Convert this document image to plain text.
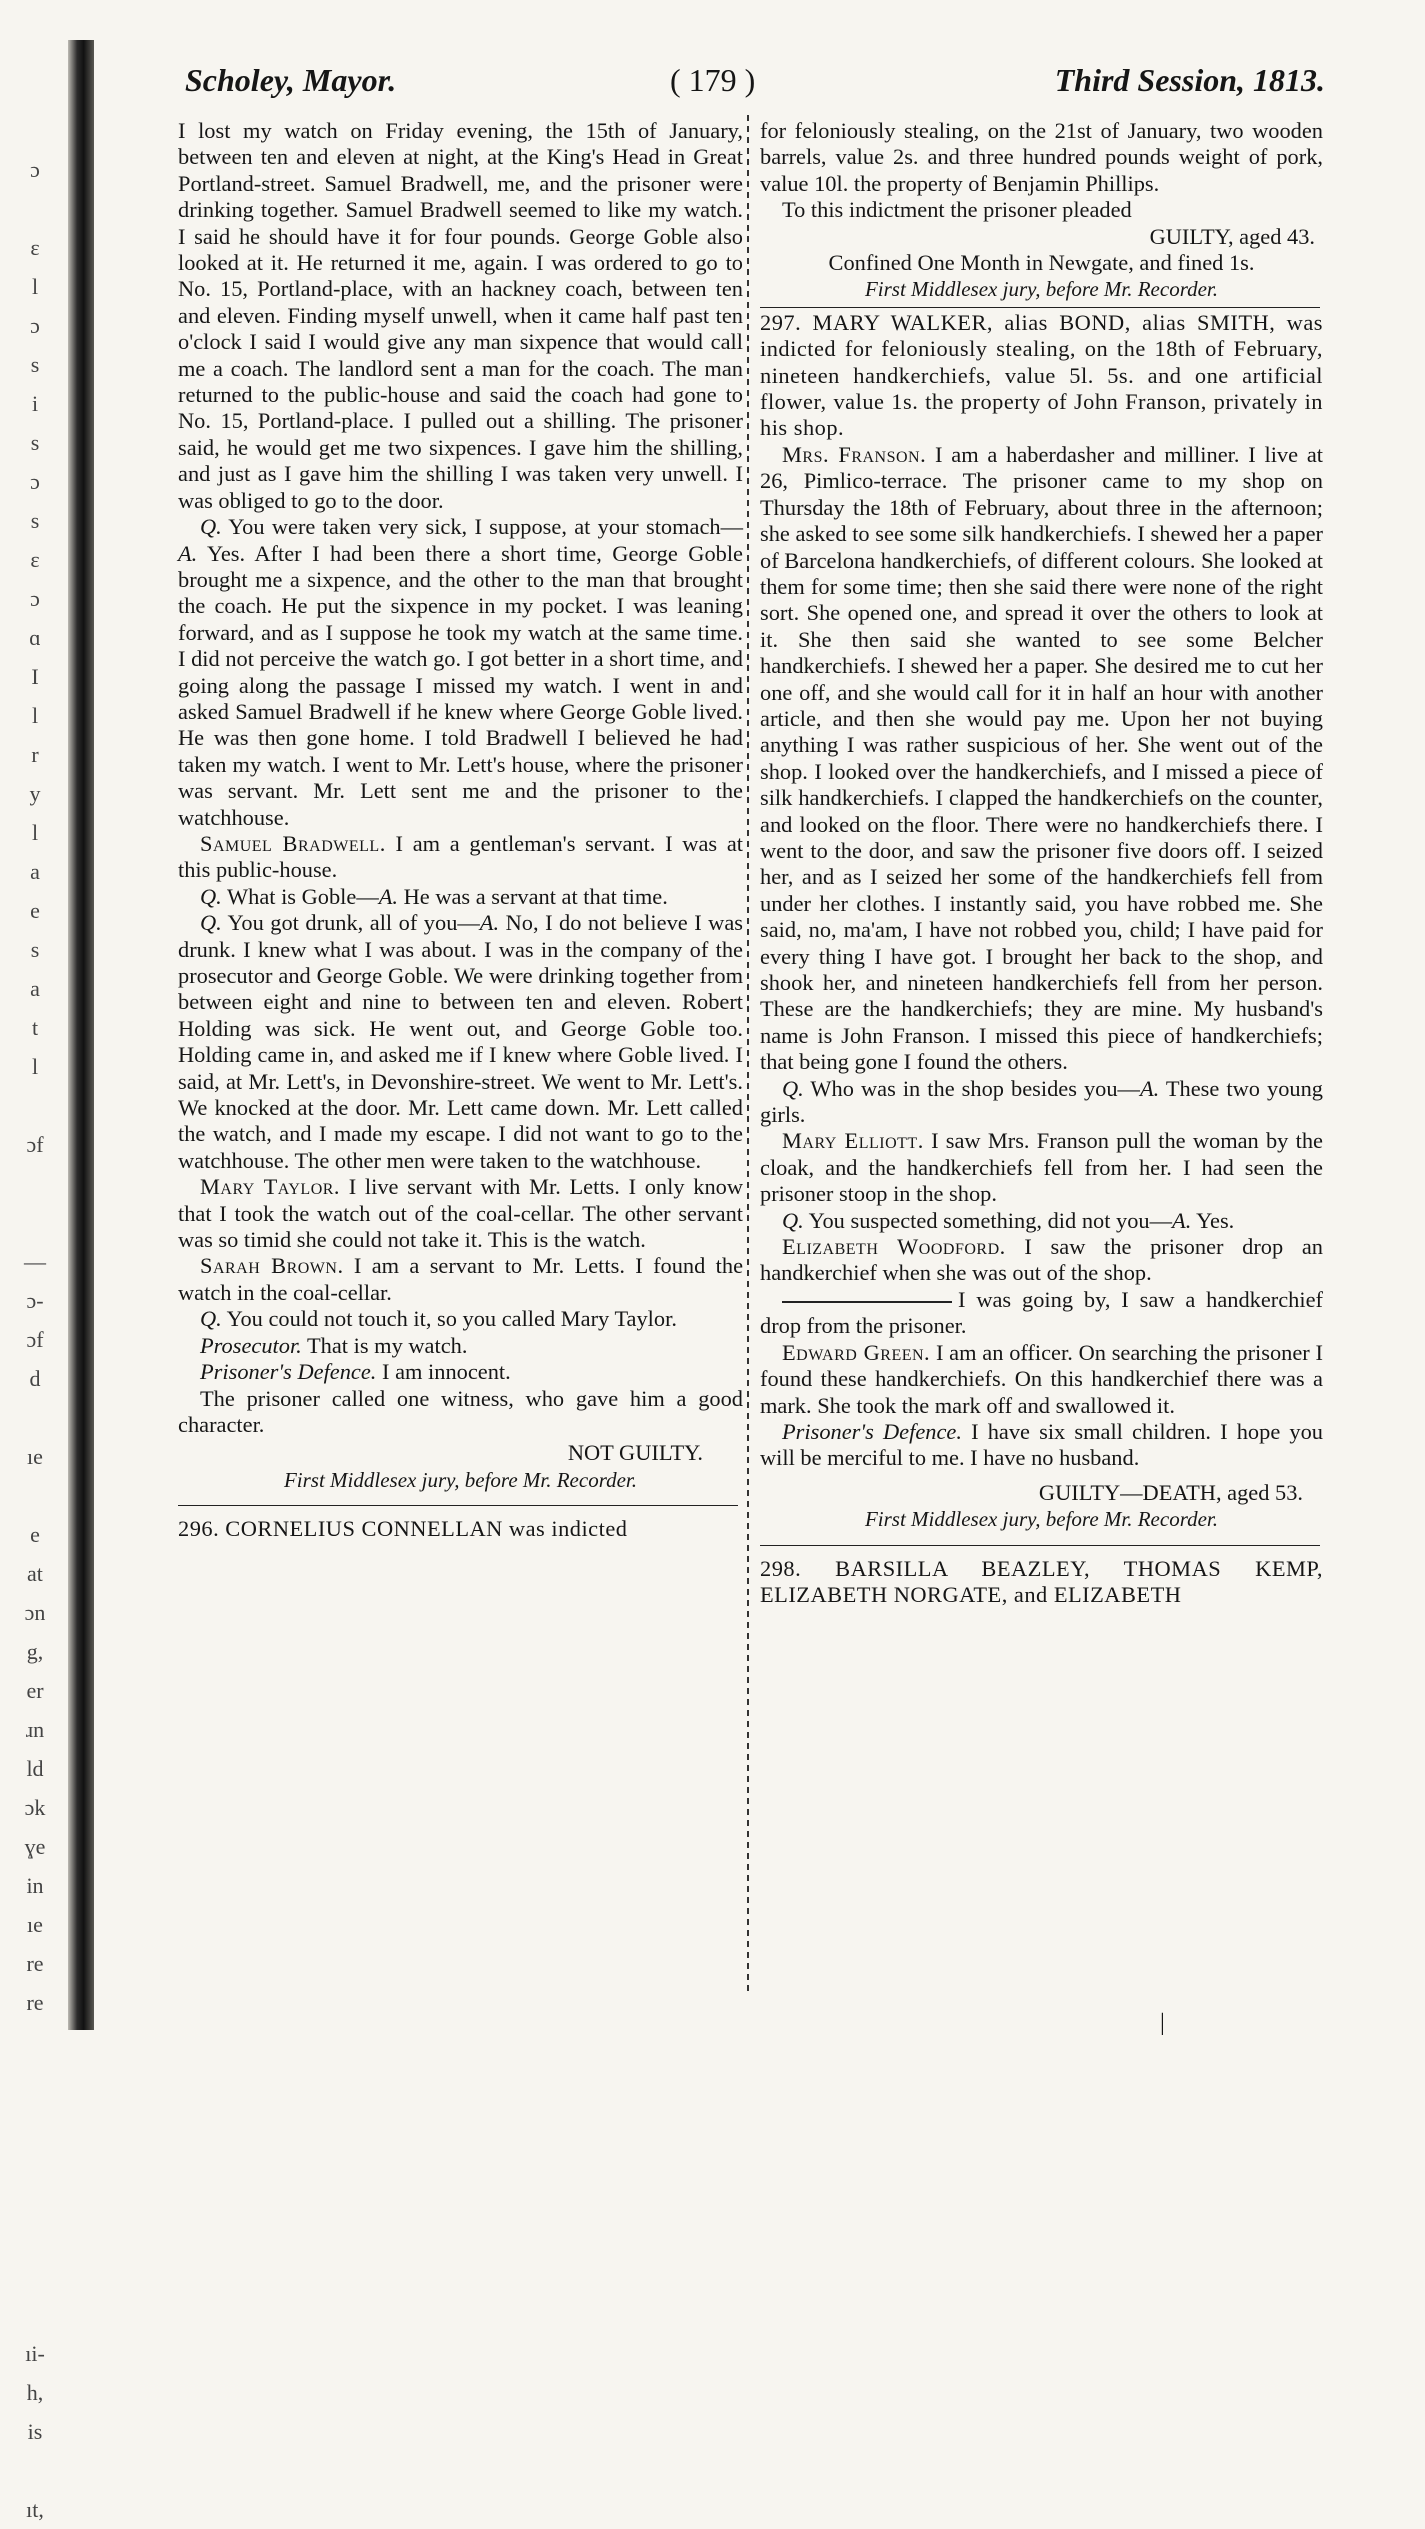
ɔ
ɛ
l
ɔ
s
i
s
ɔ
s
ɛ
ɔ
ɑ
I
l
r
y
l
a
e
s
a
t
l
ɔf
—
ɔ-
ɔf
d
ıe
e
at
ɔn
g,
er
ɹn
ld
ɔk
ɣe
in
ıe
re
re
ıi-
h,
is
ıt,
Scholey, Mayor.	( 179 )	Third Session, 1813.

I lost my watch on Friday evening, the 15th of January, between ten and eleven at night, at the King's Head in Great Portland-street. Samuel Bradwell, me, and the prisoner were drinking together. Samuel Bradwell seemed to like my watch. I said he should have it for four pounds. George Goble also looked at it. He returned it me, again. I was ordered to go to No. 15, Portland-place, with an hackney coach, between ten and eleven. Finding myself unwell, when it came half past ten o'clock I said I would give any man sixpence that would call me a coach. The landlord sent a man for the coach. The man returned to the public-house and said the coach had gone to No. 15, Portland-place. I pulled out a shilling. The prisoner said, he would get me two sixpences. I gave him the shilling, and just as I gave him the shilling I was taken very unwell. I was obliged to go to the door.

Q. You were taken very sick, I suppose, at your stomach—A. Yes. After I had been there a short time, George Goble brought me a sixpence, and the other to the man that brought the coach. He put the sixpence in my pocket. I was leaning forward, and as I suppose he took my watch at the same time. I did not perceive the watch go. I got better in a short time, and going along the passage I missed my watch. I went in and asked Samuel Bradwell if he knew where George Goble lived. He was then gone home. I told Bradwell I believed he had taken my watch. I went to Mr. Lett's house, where the prisoner was servant. Mr. Lett sent me and the prisoner to the watchhouse.

Samuel Bradwell. I am a gentleman's servant. I was at this public-house.

Q. What is Goble—A. He was a servant at that time.

Q. You got drunk, all of you—A. No, I do not believe I was drunk. I knew what I was about. I was in the company of the prosecutor and George Goble. We were drinking together from between eight and nine to between ten and eleven. Robert Holding was sick. He went out, and George Goble too. Holding came in, and asked me if I knew where Goble lived. I said, at Mr. Lett's, in Devonshire-street. We went to Mr. Lett's. We knocked at the door. Mr. Lett came down. Mr. Lett called the watch, and I made my escape. I did not want to go to the watchhouse. The other men were taken to the watchhouse.

Mary Taylor. I live servant with Mr. Letts. I only know that I took the watch out of the coal-cellar. The other servant was so timid she could not take it. This is the watch.

Sarah Brown. I am a servant to Mr. Letts. I found the watch in the coal-cellar.

Q. You could not touch it, so you called Mary Taylor.

Prosecutor. That is my watch.

Prisoner's Defence. I am innocent.

The prisoner called one witness, who gave him a good character.

NOT GUILTY.

First Middlesex jury, before Mr. Recorder.

296. CORNELIUS CONNELLAN was indicted

for feloniously stealing, on the 21st of January, two wooden barrels, value 2s. and three hundred pounds weight of pork, value 10l. the property of Benjamin Phillips.

To this indictment the prisoner pleaded

GUILTY, aged 43.

Confined One Month in Newgate, and fined 1s.

First Middlesex jury, before Mr. Recorder.

297. MARY WALKER, alias BOND, alias SMITH, was indicted for feloniously stealing, on the 18th of February, nineteen handkerchiefs, value 5l. 5s. and one artificial flower, value 1s. the property of John Franson, privately in his shop.

Mrs. Franson. I am a haberdasher and milliner. I live at 26, Pimlico-terrace. The prisoner came to my shop on Thursday the 18th of February, about three in the afternoon; she asked to see some silk handkerchiefs. I shewed her a paper of Barcelona handkerchiefs, of different colours. She looked at them for some time; then she said there were none of the right sort. She opened one, and spread it over the others to look at it. She then said she wanted to see some Belcher handkerchiefs. I shewed her a paper. She desired me to cut her one off, and she would call for it in half an hour with another article, and then she would pay me. Upon her not buying anything I was rather suspicious of her. She went out of the shop. I looked over the handkerchiefs, and I missed a piece of silk handkerchiefs. I clapped the handkerchiefs on the counter, and looked on the floor. There were no handkerchiefs there. I went to the door, and saw the prisoner five doors off. I seized her, and as I seized her some of the handkerchiefs fell from under her clothes. I instantly said, you have robbed me. She said, no, ma'am, I have not robbed you, child; I have paid for every thing I have got. I brought her back to the shop, and shook her, and nineteen handkerchiefs fell from her person. These are the handkerchiefs; they are mine. My husband's name is John Franson. I missed this piece of handkerchiefs; that being gone I found the others.

Q. Who was in the shop besides you—A. These two young girls.

Mary Elliott. I saw Mrs. Franson pull the woman by the cloak, and the handkerchiefs fell from her. I had seen the prisoner stoop in the shop.

Q. You suspected something, did not you—A. Yes.

Elizabeth Woodford. I saw the prisoner drop an handkerchief when she was out of the shop.

I was going by, I saw a handkerchief drop from the prisoner.

Edward Green. I am an officer. On searching the prisoner I found these handkerchiefs. On this handkerchief there was a mark. She took the mark off and swallowed it.

Prisoner's Defence. I have six small children. I hope you will be merciful to me. I have no husband.

GUILTY—DEATH, aged 53.

First Middlesex jury, before Mr. Recorder.

298. BARSILLA BEAZLEY, THOMAS KEMP, ELIZABETH NORGATE, and ELIZABETH

|
